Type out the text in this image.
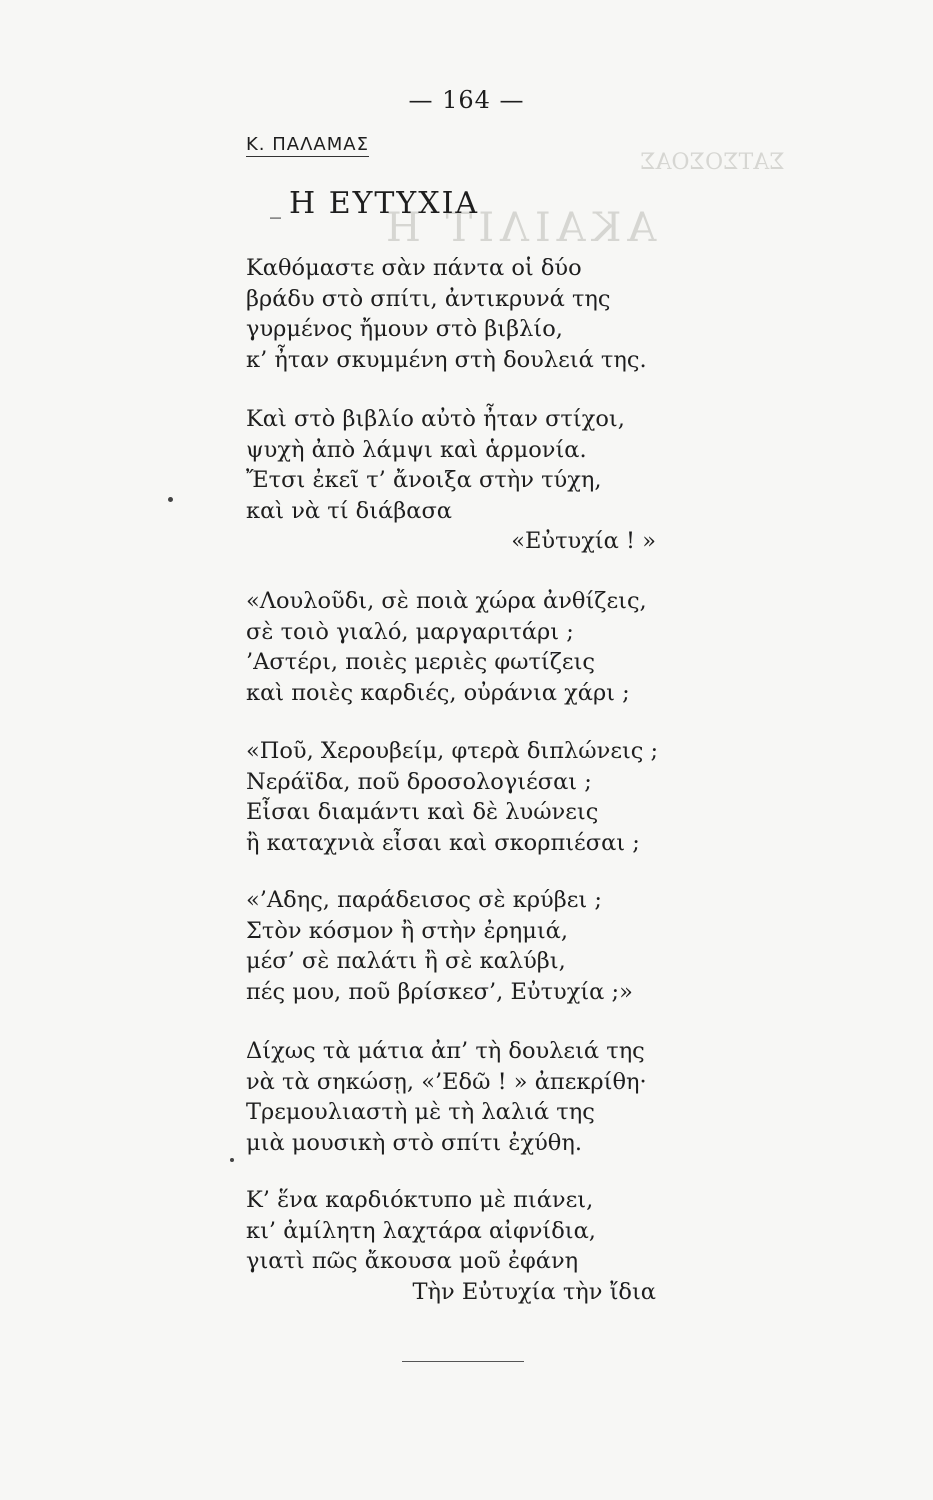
ΣΑΤΣΟΣΟΑΣ
ΑΚΑΙΛΙΤ Η
— 164 —
Κ. ΠΑΛΑΜΑΣ
_ Η ΕΥΤΥΧΙΑ
Καθόμαστε σὰν πάντα οἱ δύο
βράδυ στὸ σπίτι, ἀντικρυνά της
γυρμένος ἤμουν στὸ βιβλίο,
κ’ ἦταν σκυμμένη στὴ δουλειά της.
Καὶ στὸ βιβλίο αὐτὸ ἦταν στίχοι,
ψυχὴ ἀπὸ λάμψι καὶ ἁρμονία.
Ἔτσι ἐκεῖ τ’ ἄνοιξα στὴν τύχη,
καὶ νὰ τί διάβασα
«Εὐτυχία ! »
«Λουλοῦδι, σὲ ποιὰ χώρα ἀνθίζεις,
σὲ τοιὸ γιαλό, μαργαριτάρι ;
’Αστέρι, ποιὲς μεριὲς φωτίζεις
καὶ ποιὲς καρδιές, οὐράνια χάρι ;
«Ποῦ, Χερουβείμ, φτερὰ διπλώνεις ;
Νεράϊδα, ποῦ δροσολογιέσαι ;
Εἶσαι διαμάντι καὶ δὲ λυώνεις
ἢ καταχνιὰ εἶσαι καὶ σκορπιέσαι ;
«’Αδης, παράδεισος σὲ κρύβει ;
Στὸν κόσμον ἢ στὴν ἐρημιά,
μέσ’ σὲ παλάτι ἢ σὲ καλύβι,
πές μου, ποῦ βρίσκεσ’, Εὐτυχία ;»
Δίχως τὰ μάτια ἀπ’ τὴ δουλειά της
νὰ τὰ σηκώσῃ, «’Εδῶ ! » ἀπεκρίθη·
Τρεμουλιαστὴ μὲ τὴ λαλιά της
μιὰ μουσικὴ στὸ σπίτι ἐχύθη.
Κ’ ἕνα καρδιόκτυπο μὲ πιάνει,
κι’ ἀμίλητη λαχτάρα αἰφνίδια,
γιατὶ πῶς ἄκουσα μοῦ ἐφάνη
Τὴν Εὐτυχία τὴν ἴδια
